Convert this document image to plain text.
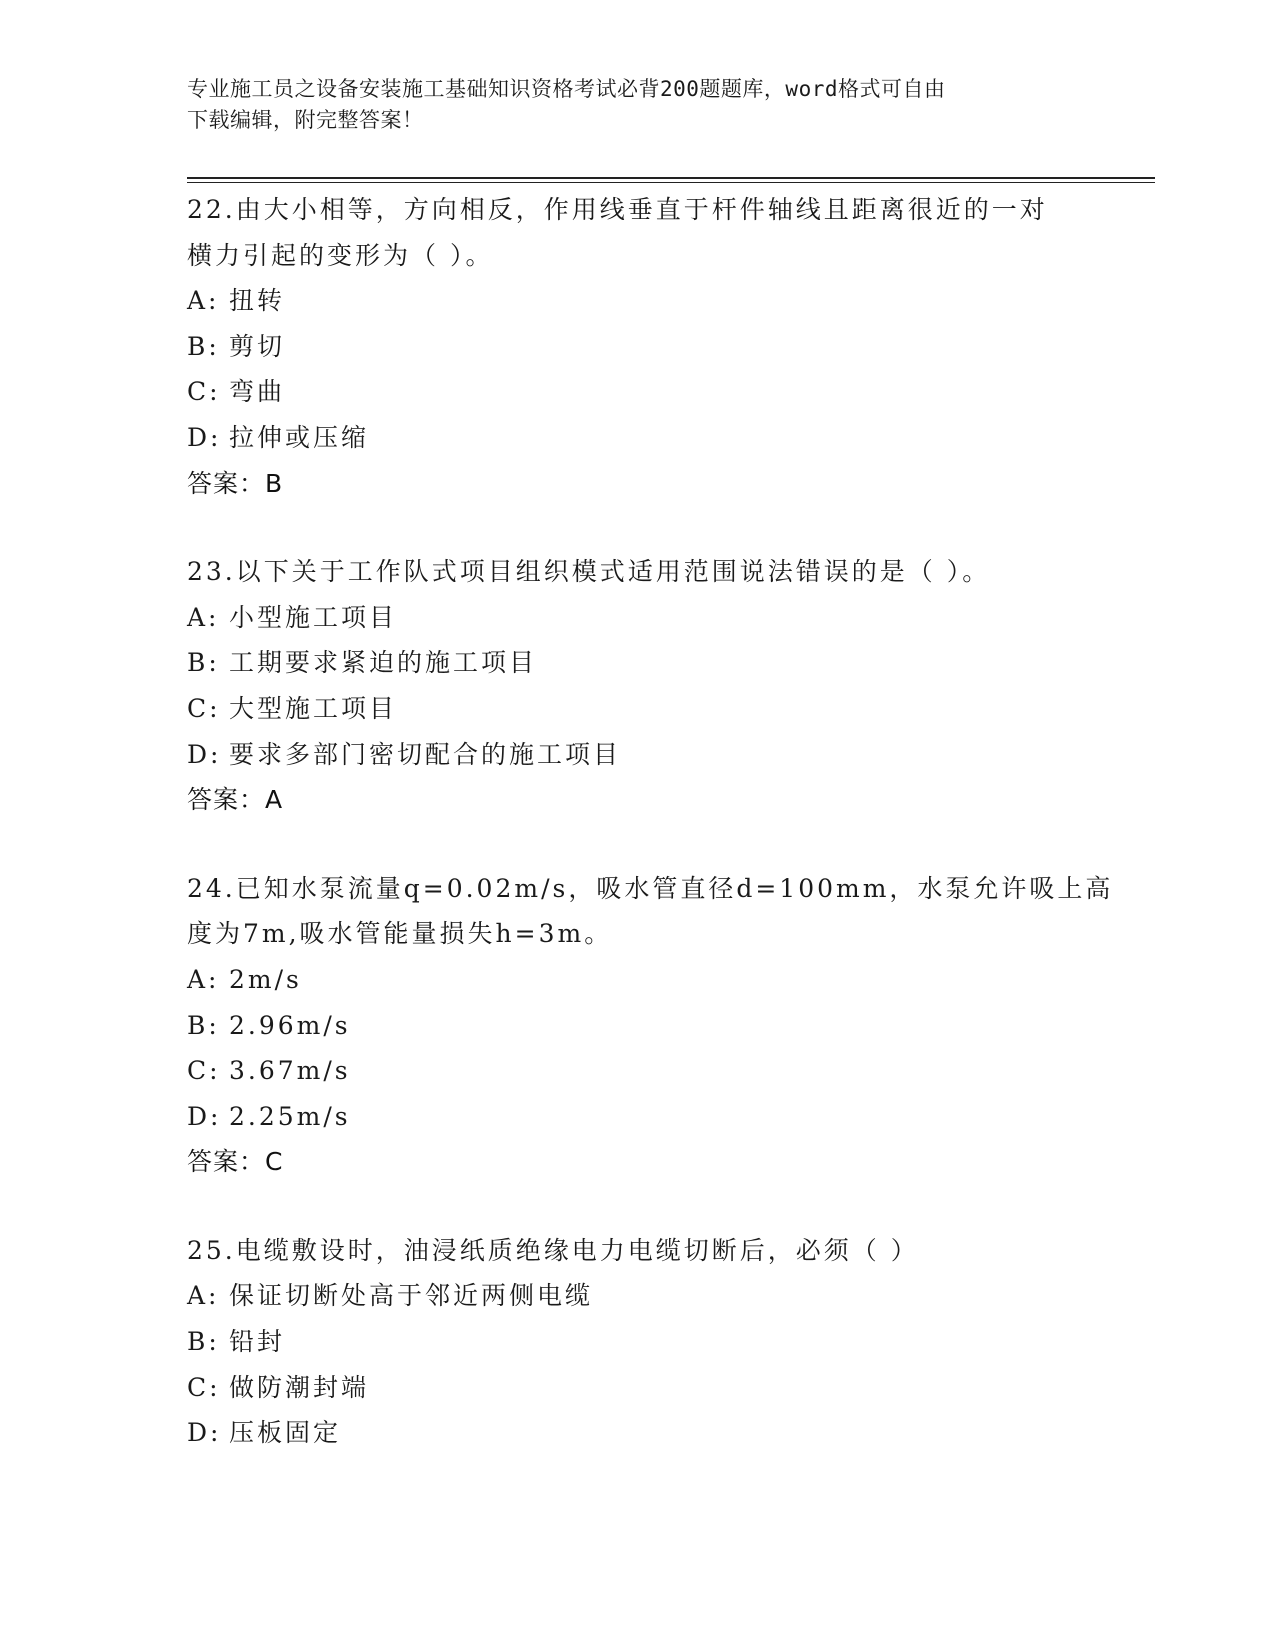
专业施工员之设备安装施工基础知识资格考试必背200题题库，word格式可自由
下载编辑，附完整答案！
22.由大小相等，方向相反，作用线垂直于杆件轴线且距离很近的一对
横力引起的变形为（ ）。
A: 扭转
B: 剪切
C: 弯曲
D: 拉伸或压缩
答案：B
23.以下关于工作队式项目组织模式适用范围说法错误的是（ ）。
A: 小型施工项目
B: 工期要求紧迫的施工项目
C: 大型施工项目
D: 要求多部门密切配合的施工项目
答案：A
24.已知水泵流量q=0.02m/s，吸水管直径d=100mm，水泵允许吸上高
度为7m,吸水管能量损失h=3m。
A: 2m/s
B: 2.96m/s
C: 3.67m/s
D: 2.25m/s
答案：C
25.电缆敷设时，油浸纸质绝缘电力电缆切断后，必须（ ）
A: 保证切断处高于邻近两侧电缆
B: 铅封
C: 做防潮封端
D: 压板固定
